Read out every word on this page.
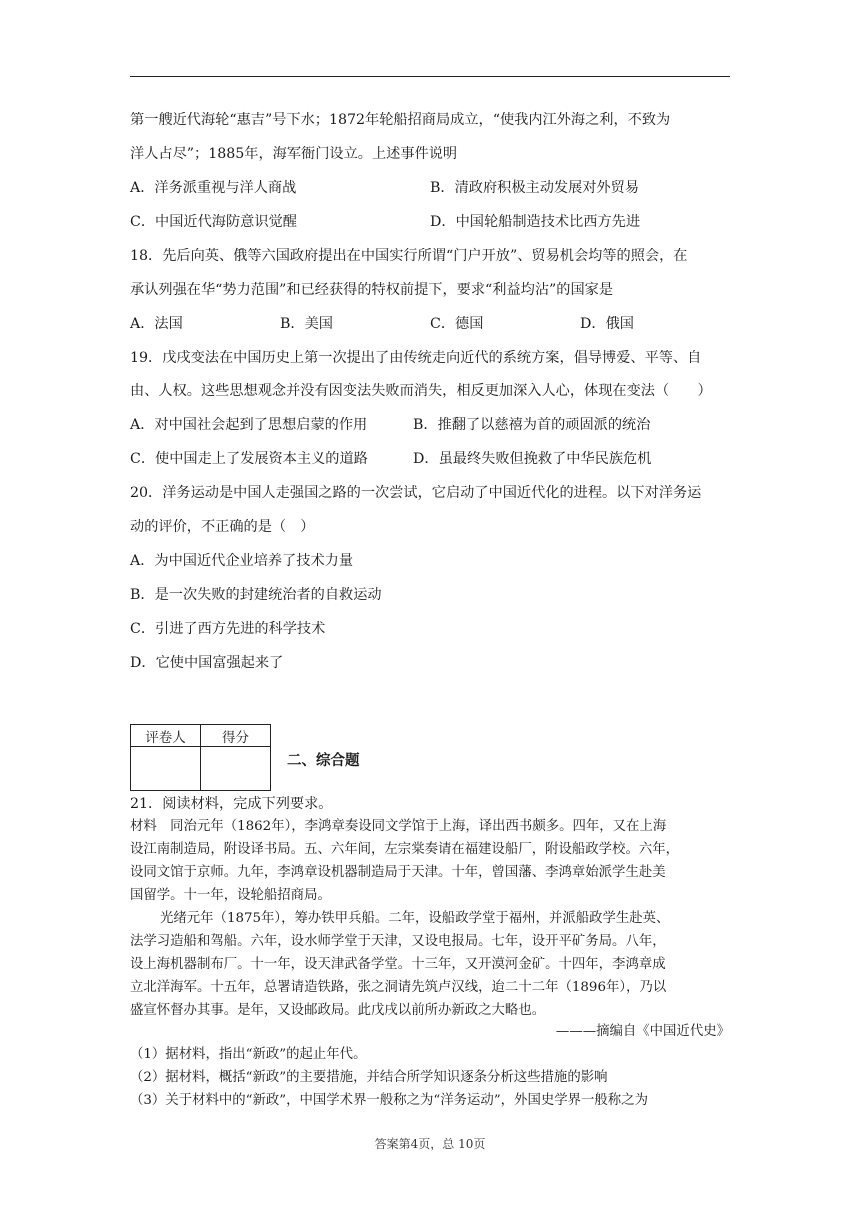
第一艘近代海轮“惠吉”号下水；1872年轮船招商局成立，“使我内江外海之利，不致为
洋人占尽”；1885年，海军衙门设立。上述事件说明
A．洋务派重视与洋人商战	B．清政府积极主动发展对外贸易
C．中国近代海防意识觉醒	D．中国轮船制造技术比西方先进
18．先后向英、俄等六国政府提出在中国实行所谓“门户开放”、贸易机会均等的照会，在
承认列强在华“势力范围”和已经获得的特权前提下，要求“利益均沾”的国家是
A．法国	B．美国	C．德国	D．俄国
19．戊戌变法在中国历史上第一次提出了由传统走向近代的系统方案，倡导博爱、平等、自
由、人权。这些思想观念并没有因变法失败而消失，相反更加深入人心，体现在变法（　　）
A．对中国社会起到了思想启蒙的作用	B．推翻了以慈禧为首的顽固派的统治
C．使中国走上了发展资本主义的道路	D．虽最终失败但挽救了中华民族危机
20．洋务运动是中国人走强国之路的一次尝试，它启动了中国近代化的进程。以下对洋务运
动的评价，不正确的是（　）
A．为中国近代企业培养了技术力量
B．是一次失败的封建统治者的自救运动
C．引进了西方先进的科学技术
D．它使中国富强起来了
评卷人	得分

二、综合题
21．阅读材料，完成下列要求。
材料　同治元年（1862年），李鸿章奏设同文学馆于上海，译出西书颇多。四年，又在上海
设江南制造局，附设译书局。五、六年间，左宗棠奏请在福建设船厂，附设船政学校。六年，
设同文馆于京师。九年，李鸿章设机器制造局于天津。十年，曾国藩、李鸿章始派学生赴美
国留学。十一年，设轮船招商局。
光绪元年（1875年），筹办铁甲兵船。二年，设船政学堂于福州，并派船政学生赴英、
法学习造船和驾船。六年，设水师学堂于天津，又设电报局。七年，设开平矿务局。八年，
设上海机器制布厂。十一年，设天津武备学堂。十三年，又开漠河金矿。十四年，李鸿章成
立北洋海军。十五年，总署请造铁路，张之洞请先筑卢汉线，迨二十二年（1896年），乃以
盛宣怀督办其事。是年，又设邮政局。此戊戌以前所办新政之大略也。
———摘编自《中国近代史》
（1）据材料，指出“新政”的起止年代。
（2）据材料，概括“新政”的主要措施，并结合所学知识逐条分析这些措施的影响
（3）关于材料中的“新政”，中国学术界一般称之为“洋务运动”，外国史学界一般称之为
答案第4页，总 10页
